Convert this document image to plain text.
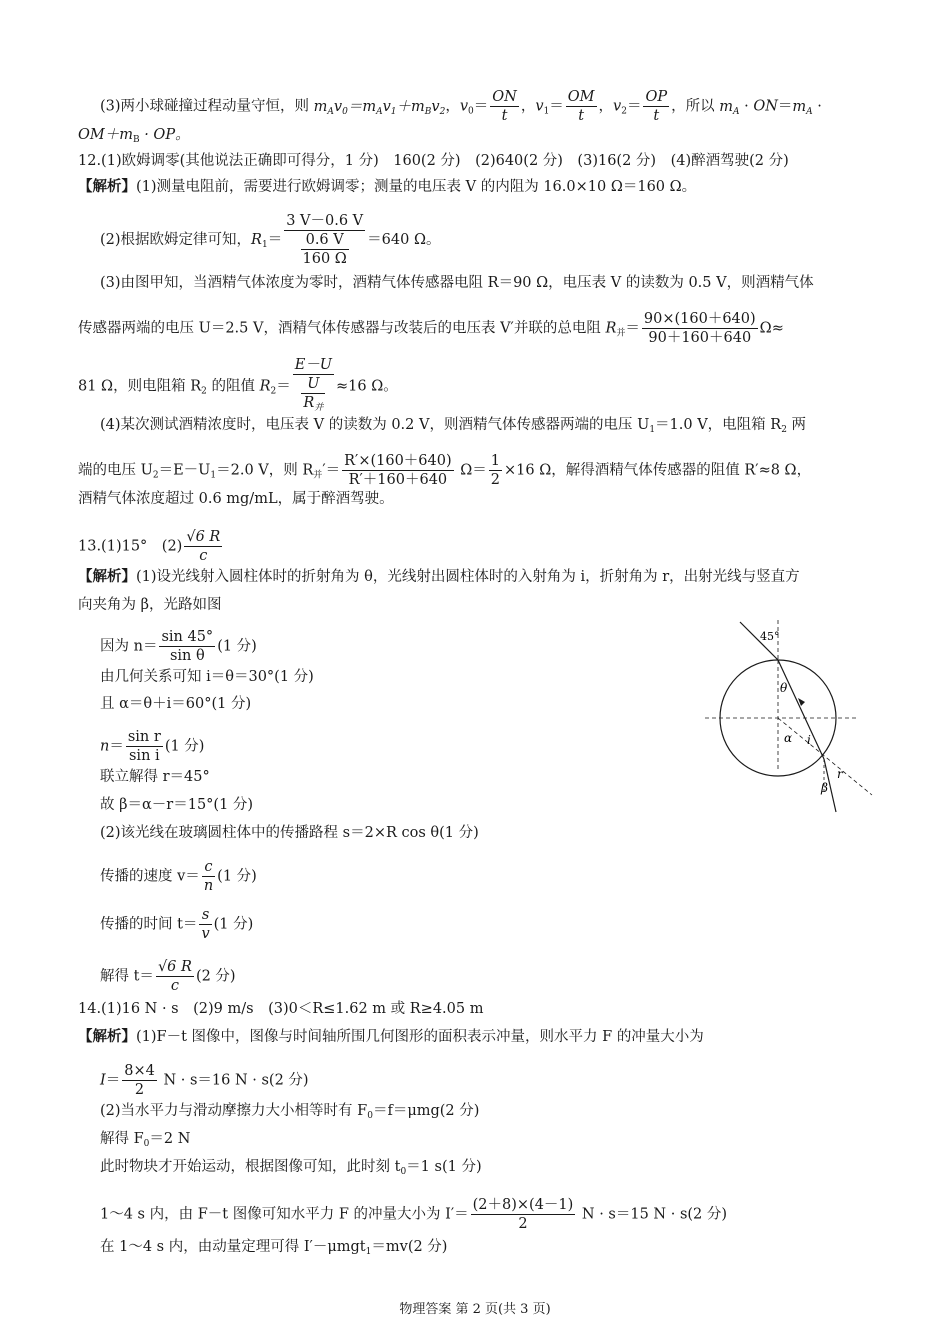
(3)两小球碰撞过程动量守恒，则 $m_Av_0=m_Av_1+m_Bv_2$，$v_0= \frac{ON}{t}$ ，$v_1= \frac{OM}{t}$ ，$v_2= \frac{OP}{t}$ ，所以 $m_A \cdot ON=m_A$ ·
$OM+m_B$ · OP。
12.(1)欧姆调零(其他说法正确即可得分，1 分)　160(2 分)　(2)640(2 分)　(3)16(2 分)　(4)醉酒驾驶(2 分)
【解析】(1)测量电阻前，需要进行欧姆调零；测量的电压表 V 的内阻为 16.0×10 Ω＝160 Ω。
(2)根据欧姆定律可知，$R_1= \frac{3 V-0.6 V}{\frac{0.6 V}{160 \Omega}} =640$ Ω。
(3)由图甲知，当酒精气体浓度为零时，酒精气体传感器电阻 R＝90 Ω，电压表 V 的读数为 0.5 V，则酒精气体
传感器两端的电压 U＝2.5 V，酒精气体传感器与改装后的电压表 V′并联的总电阻 $R_并= \frac{90\times(160+640)}{90+160+640} \Omega\approx$
81 Ω，则电阻箱 $R_2$ 的阻值 $R_2= \frac{E-U}{\frac{U}{R_并}} \approx 16$ Ω。
(4)某次测试酒精浓度时，电压表 V 的读数为 0.2 V，则酒精气体传感器两端的电压 $U_1=1.0$ V，电阻箱 $R_2$ 两
端的电压 $U_2=E-U_1=2.0$ V，则 $R_并'= \frac{R'\times(160+640)}{R'+160+640} \Omega= \frac{1}{2} \times 16$ Ω，解得酒精气体传感器的阻值 R′≈8 Ω，
酒精气体浓度超过 0.6 mg/mL，属于醉酒驾驶。
13.(1)15°　$(2) \frac{√6 R}{c}$
【解析】(1)设光线射入圆柱体时的折射角为 θ，光线射出圆柱体时的入射角为 i，折射角为 r，出射光线与竖直方
向夹角为 β，光路如图
因为 $n= \frac{\sin 45^\circ}{\text{sin θ}} (1$ 分)
由几何关系可知 i＝θ＝30°(1 分)
且 α＝θ＋i＝60°(1 分)
$n= \frac{\text{sin r}}{\text{sin i}} (1$ 分)
联立解得 r＝45°
故 β＝α－r＝15°(1 分)
(2)该光线在玻璃圆柱体中的传播路程 s＝2×R cos θ(1 分)
传播的速度 $v= \frac{c}{n} (1$ 分)
传播的时间 $t= \frac{s}{v} (1$ 分)
解得 $t= \frac{√6 R}{c} (2$ 分)
45°
θ
α i
r
β
14.(1)16 N · s　(2)9 m/s　(3)0＜R≤1.62 m 或 R≥4.05 m
【解析】(1)F－t 图像中，图像与时间轴所围几何图形的面积表示冲量，则水平力 F 的冲量大小为
$I= \frac{8\times 4}{2}$ N · s＝16 N · s(2 分)
(2)当水平力与滑动摩擦力大小相等时有 $F_0=f=\mu mg(2$ 分)
解得 $F_0=2$ N
此时物块才开始运动，根据图像可知，此时刻 $t_0=1$ s(1 分)
1～4 s 内，由 F－t 图像可知水平力 F 的冲量大小为 $I'= \frac{(2+8)\times(4-1)}{2}$ N · s＝15 N · s(2 分)
在 1～4 s 内，由动量定理可得 I′－μmgt$_1$＝mv(2 分)
物理答案 第 2 页(共 3 页)
